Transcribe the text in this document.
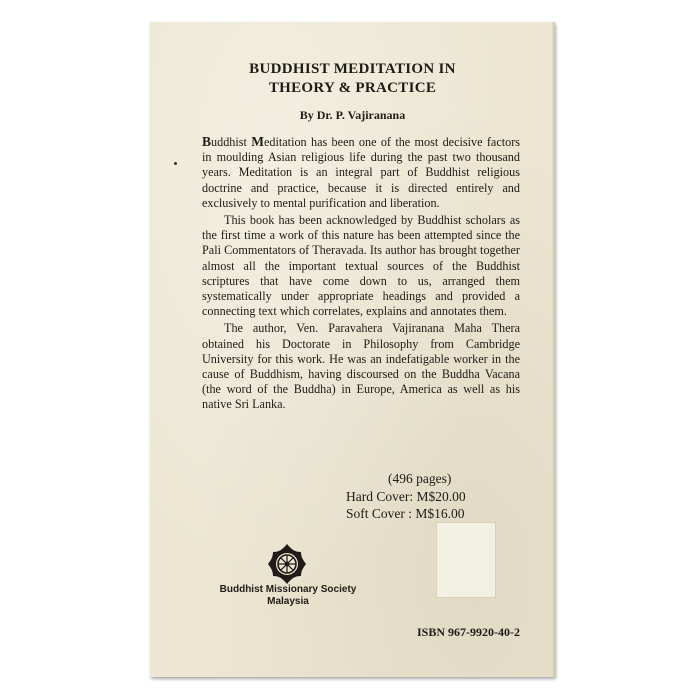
BUDDHIST MEDITATION IN
THEORY & PRACTICE
By Dr. P. Vajiranana

Buddhist Meditation has been one of the most decisive factors in moulding Asian religious life during the past two thousand years. Meditation is an integral part of Buddhist religious doctrine and practice, because it is directed entirely and exclusively to mental purification and liberation.

This book has been acknowledged by Buddhist scholars as the first time a work of this nature has been attempted since the Pali Commentators of Theravada. Its author has brought together almost all the important textual sources of the Buddhist scriptures that have come down to us, arranged them systematically under appropriate headings and provided a connecting text which correlates, explains and annotates them.

The author, Ven. Paravahera Vajiranana Maha Thera obtained his Doctorate in Philosophy from Cambridge University for this work. He was an indefatigable worker in the cause of Buddhism, having discoursed on the Buddha Vacana (the word of the Buddha) in Europe, America as well as his native Sri Lanka.

(496 pages)
Hard Cover: M$20.00
Soft Cover : M$16.00
Buddhist Missionary Society
Malaysia
ISBN 967-9920-40-2
